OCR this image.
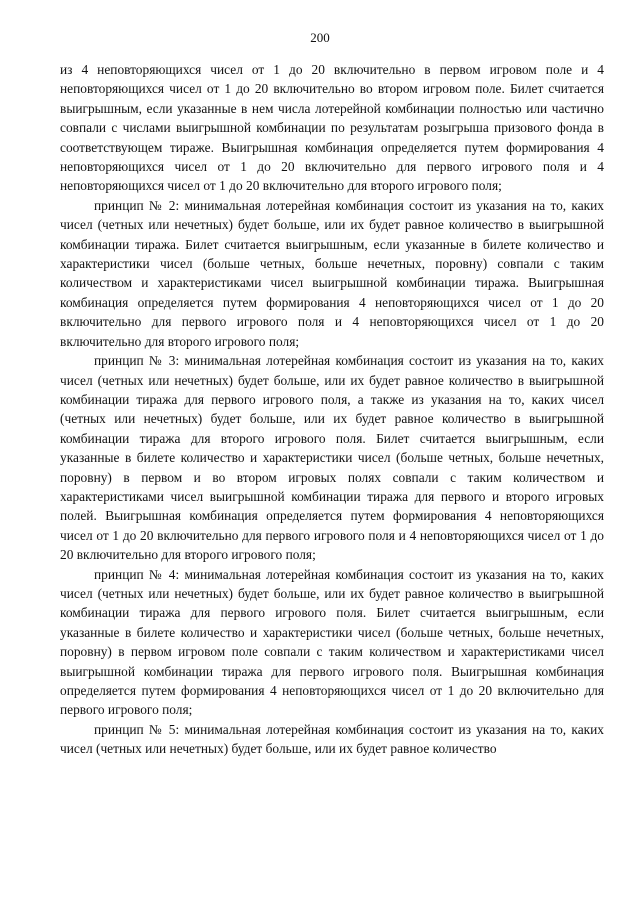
200

из 4 неповторяющихся чисел от 1 до 20 включительно в первом игровом поле и 4 неповторяющихся чисел от 1 до 20 включительно во втором игровом поле. Билет считается выигрышным, если указанные в нем числа лотерейной комбинации полностью или частично совпали с числами выигрышной комбинации по результатам розыгрыша призового фонда в соответствующем тираже. Выигрышная комбинация определяется путем формирования 4 неповторяющихся чисел от 1 до 20 включительно для первого игрового поля и 4 неповторяющихся чисел от 1 до 20 включительно для второго игрового поля;

принцип № 2: минимальная лотерейная комбинация состоит из указания на то, каких чисел (четных или нечетных) будет больше, или их будет равное количество в выигрышной комбинации тиража. Билет считается выигрышным, если указанные в билете количество и характеристики чисел (больше четных, больше нечетных, поровну) совпали с таким количеством и характеристиками чисел выигрышной комбинации тиража. Выигрышная комбинация определяется путем формирования 4 неповторяющихся чисел от 1 до 20 включительно для первого игрового поля и 4 неповторяющихся чисел от 1 до 20 включительно для второго игрового поля;

принцип № 3: минимальная лотерейная комбинация состоит из указания на то, каких чисел (четных или нечетных) будет больше, или их будет равное количество в выигрышной комбинации тиража для первого игрового поля, а также из указания на то, каких чисел (четных или нечетных) будет больше, или их будет равное количество в выигрышной комбинации тиража для второго игрового поля. Билет считается выигрышным, если указанные в билете количество и характеристики чисел (больше четных, больше нечетных, поровну) в первом и во втором игровых полях совпали с таким количеством и характеристиками чисел выигрышной комбинации тиража для первого и второго игровых полей. Выигрышная комбинация определяется путем формирования 4 неповторяющихся чисел от 1 до 20 включительно для первого игрового поля и 4 неповторяющихся чисел от 1 до 20 включительно для второго игрового поля;

принцип № 4: минимальная лотерейная комбинация состоит из указания на то, каких чисел (четных или нечетных) будет больше, или их будет равное количество в выигрышной комбинации тиража для первого игрового поля. Билет считается выигрышным, если указанные в билете количество и характеристики чисел (больше четных, больше нечетных, поровну) в первом игровом поле совпали с таким количеством и характеристиками чисел выигрышной комбинации тиража для первого игрового поля. Выигрышная комбинация определяется путем формирования 4 неповторяющихся чисел от 1 до 20 включительно для первого игрового поля;

принцип № 5: минимальная лотерейная комбинация состоит из указания на то, каких чисел (четных или нечетных) будет больше, или их будет равное количество
